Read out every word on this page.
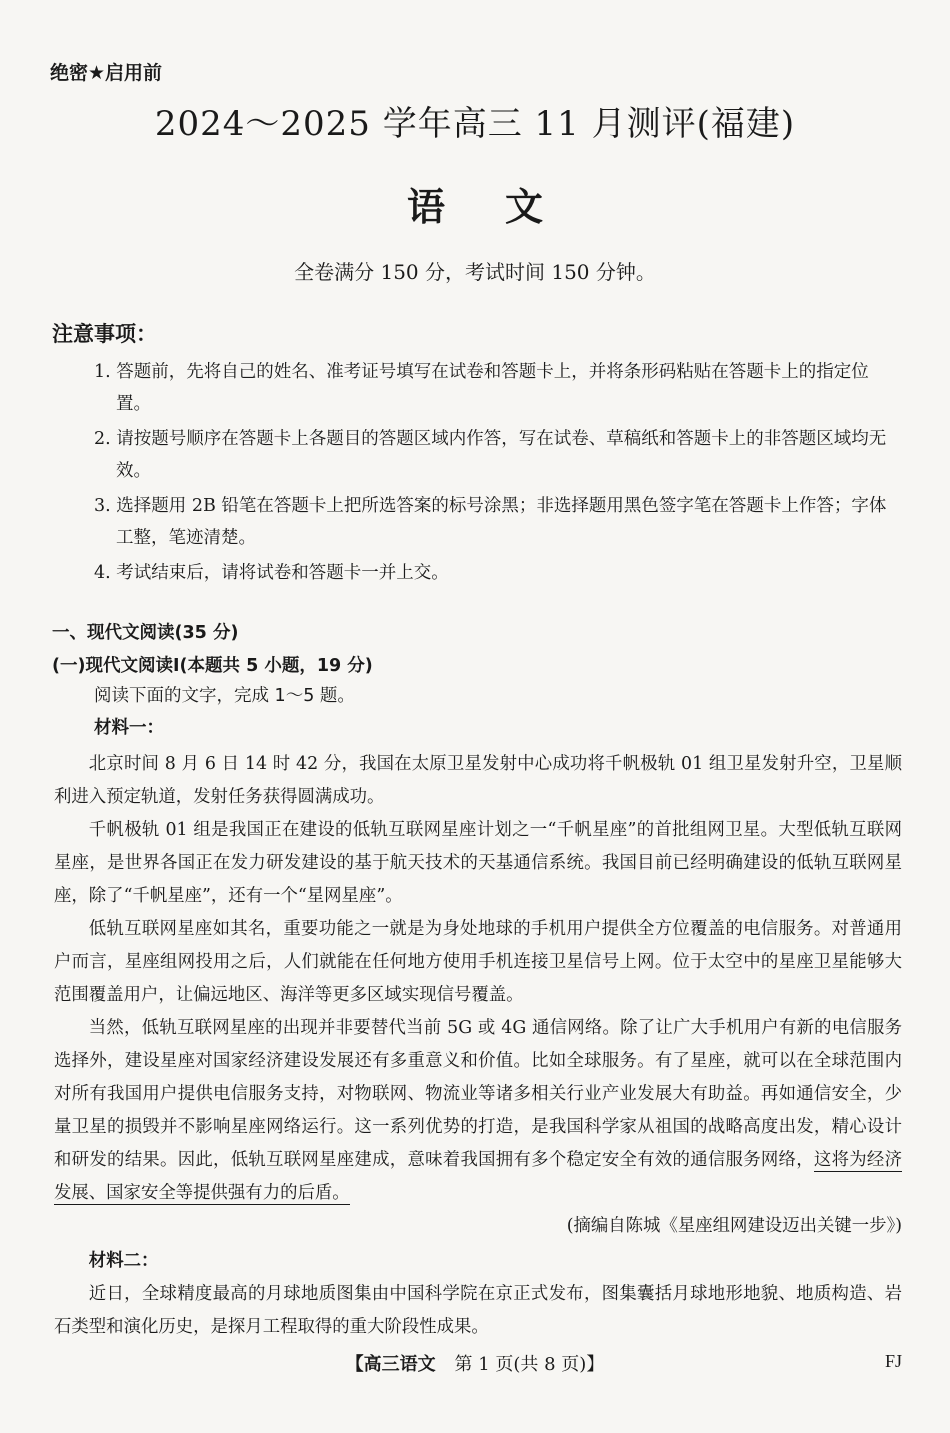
绝密★启用前
2024～2025 学年高三 11 月测评(福建)
语文
全卷满分 150 分，考试时间 150 分钟。
注意事项：
1. 答题前，先将自己的姓名、准考证号填写在试卷和答题卡上，并将条形码粘贴在答题卡上的指定位置。
2. 请按题号顺序在答题卡上各题目的答题区域内作答，写在试卷、草稿纸和答题卡上的非答题区域均无效。
3. 选择题用 2B 铅笔在答题卡上把所选答案的标号涂黑；非选择题用黑色签字笔在答题卡上作答；字体工整，笔迹清楚。
4. 考试结束后，请将试卷和答题卡一并上交。
一、现代文阅读(35 分)
(一)现代文阅读Ⅰ(本题共 5 小题，19 分)
阅读下面的文字，完成 1～5 题。
材料一：

北京时间 8 月 6 日 14 时 42 分，我国在太原卫星发射中心成功将千帆极轨 01 组卫星发射升空，卫星顺利进入预定轨道，发射任务获得圆满成功。

千帆极轨 01 组是我国正在建设的低轨互联网星座计划之一“千帆星座”的首批组网卫星。大型低轨互联网星座，是世界各国正在发力研发建设的基于航天技术的天基通信系统。我国目前已经明确建设的低轨互联网星座，除了“千帆星座”，还有一个“星网星座”。

低轨互联网星座如其名，重要功能之一就是为身处地球的手机用户提供全方位覆盖的电信服务。对普通用户而言，星座组网投用之后，人们就能在任何地方使用手机连接卫星信号上网。位于太空中的星座卫星能够大范围覆盖用户，让偏远地区、海洋等更多区域实现信号覆盖。

当然，低轨互联网星座的出现并非要替代当前 5G 或 4G 通信网络。除了让广大手机用户有新的电信服务选择外，建设星座对国家经济建设发展还有多重意义和价值。比如全球服务。有了星座，就可以在全球范围内对所有我国用户提供电信服务支持，对物联网、物流业等诸多相关行业产业发展大有助益。再如通信安全，少量卫星的损毁并不影响星座网络运行。这一系列优势的打造，是我国科学家从祖国的战略高度出发，精心设计和研发的结果。因此，低轨互联网星座建成，意味着我国拥有多个稳定安全有效的通信服务网络，这将为经济发展、国家安全等提供强有力的后盾。

(摘编自陈城《星座组网建设迈出关键一步》)

材料二：

近日，全球精度最高的月球地质图集由中国科学院在京正式发布，图集囊括月球地形地貌、地质构造、岩石类型和演化历史，是探月工程取得的重大阶段性成果。

【高三语文 第 1 页(共 8 页)】	FJ
